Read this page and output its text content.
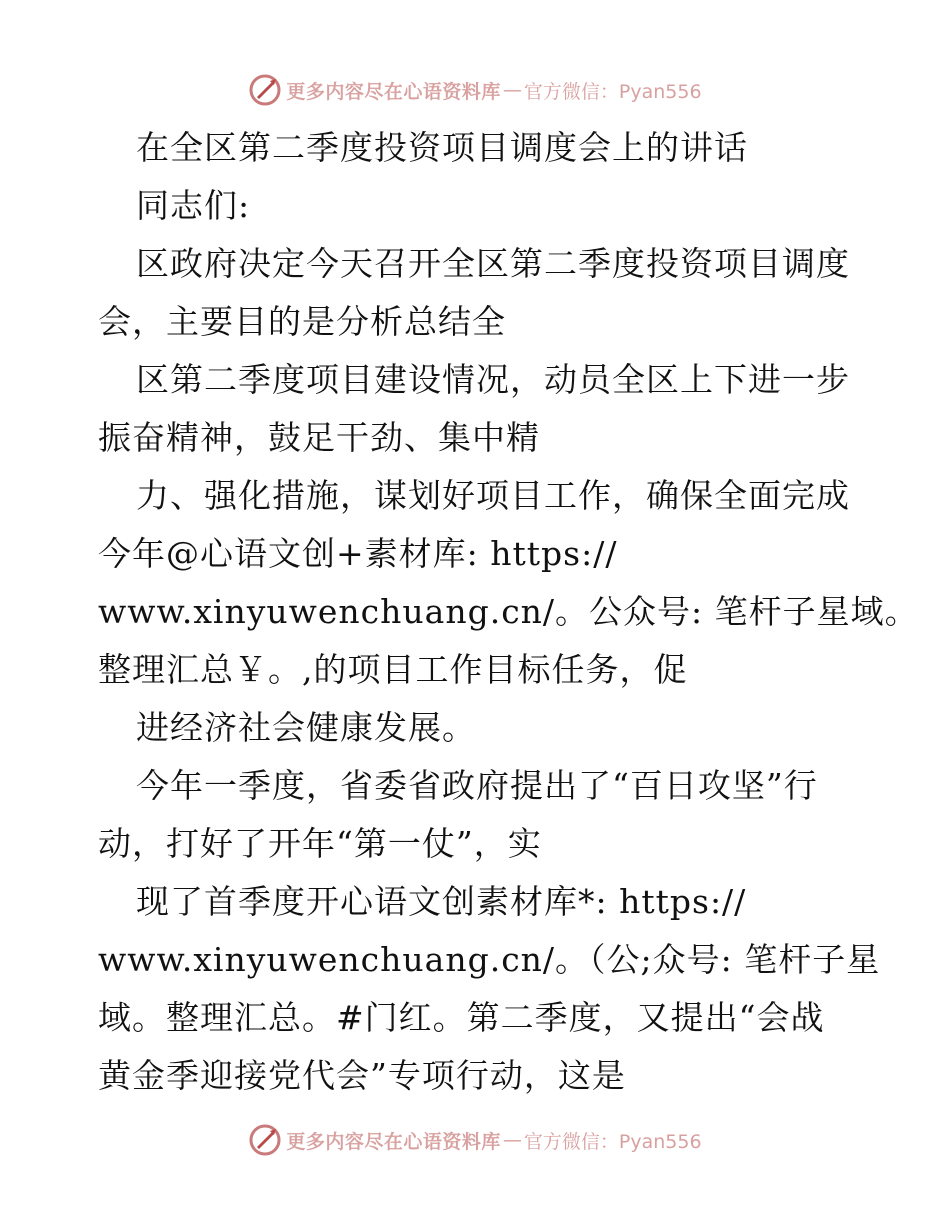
更多内容尽在心语资料库 — 官方微信：Pyan556
在全区第二季度投资项目调度会上的讲话
同志们:
区政府决定今天召开全区第二季度投资项目调度
会，主要目的是分析总结全
区第二季度项目建设情况，动员全区上下进一步
振奋精神，鼓足干劲、集中精
力、强化措施，谋划好项目工作，确保全面完成
今年@心语文创+素材库: https://
www.xinyuwenchuang.cn/。公众号: 笔杆子星域。
整理汇总￥。,的项目工作目标任务，促
进经济社会健康发展。
今年一季度，省委省政府提出了“百日攻坚”行
动，打好了开年“第一仗”，实
现了首季度开心语文创素材库*: https://
www.xinyuwenchuang.cn/。（公;众号: 笔杆子星
域。整理汇总。#门红。第二季度，又提出“会战
黄金季迎接党代会”专项行动，这是
更多内容尽在心语资料库 — 官方微信：Pyan556
